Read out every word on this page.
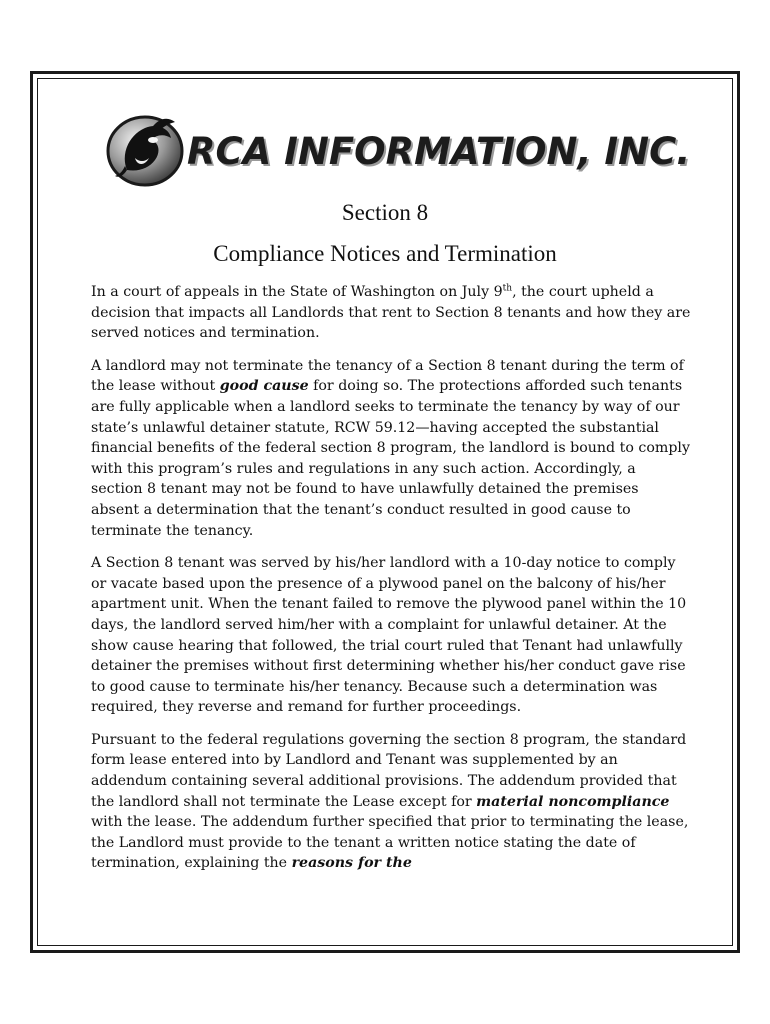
RCA INFORMATION, INC.
Section 8
Compliance Notices and Termination

In a court of appeals in the State of Washington on July 9th, the court upheld a decision that impacts all Landlords that rent to Section 8 tenants and how they are served notices and termination.

A landlord may not terminate the tenancy of a Section 8 tenant during the term of the lease without good cause for doing so. The protections afforded such tenants are fully applicable when a landlord seeks to terminate the tenancy by way of our state’s unlawful detainer statute, RCW 59.12—having accepted the substantial financial benefits of the federal section 8 program, the landlord is bound to comply with this program’s rules and regulations in any such action. Accordingly, a section 8 tenant may not be found to have unlawfully detained the premises absent a determination that the tenant’s conduct resulted in good cause to terminate the tenancy.

A Section 8 tenant was served by his/her landlord with a 10-day notice to comply or vacate based upon the presence of a plywood panel on the balcony of his/her apartment unit. When the tenant failed to remove the plywood panel within the 10 days, the landlord served him/her with a complaint for unlawful detainer. At the show cause hearing that followed, the trial court ruled that Tenant had unlawfully detainer the premises without first determining whether his/her conduct gave rise to good cause to terminate his/her tenancy. Because such a determination was required, they reverse and remand for further proceedings.

Pursuant to the federal regulations governing the section 8 program, the standard form lease entered into by Landlord and Tenant was supplemented by an addendum containing several additional provisions. The addendum provided that the landlord shall not terminate the Lease except for material noncompliance with the lease. The addendum further specified that prior to terminating the lease, the Landlord must provide to the tenant a written notice stating the date of termination, explaining the reasons for the
